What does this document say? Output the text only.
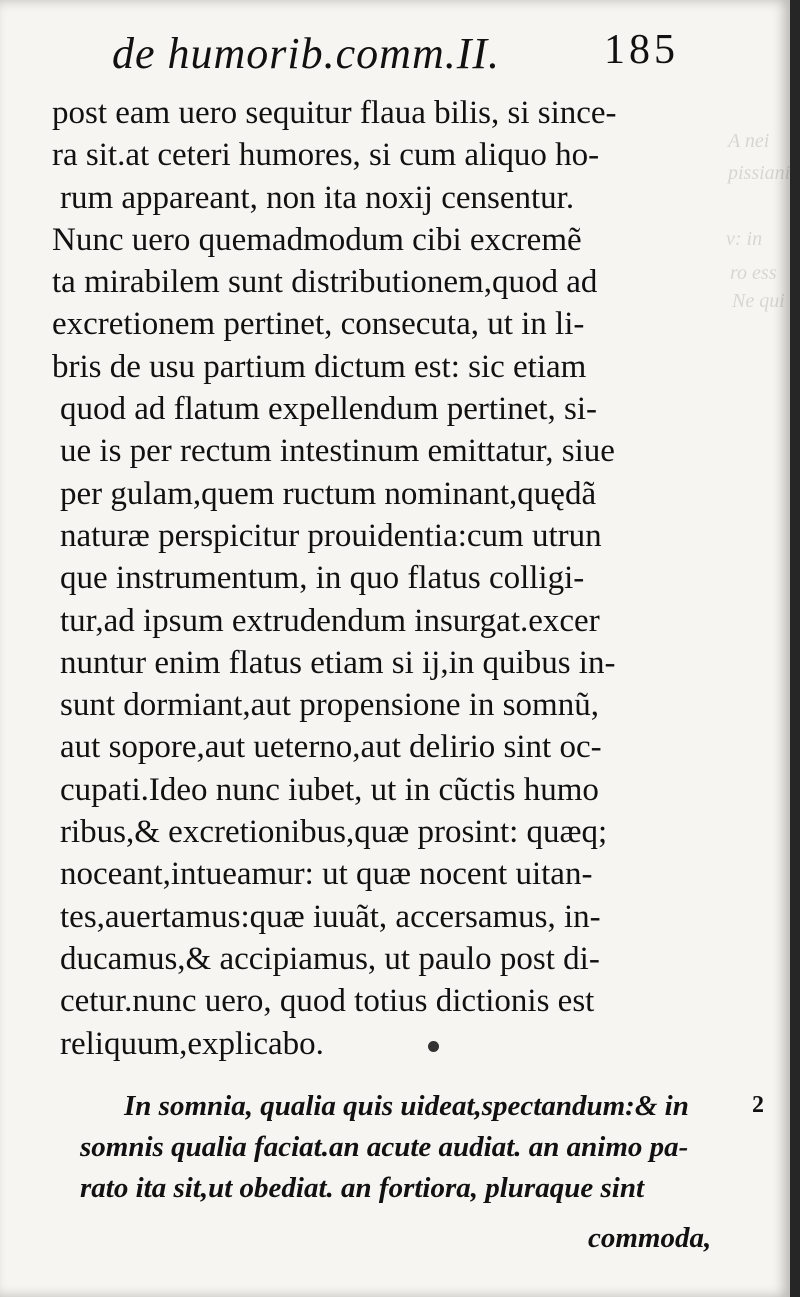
de humorib.comm.II. 185
A nei
pissiani
v: in
ro ess
Ne qui
post eam uero sequitur flaua bilis, si since-
ra sit.at ceteri humores, si cum aliquo ho-
rum appareant, non ita noxij censentur.
Nunc uero quemadmodum cibi excremẽ
ta mirabilem sunt distributionem,quod ad
excretionem pertinet, consecuta, ut in li-
bris de usu partium dictum est: sic etiam
quod ad flatum expellendum pertinet, si-
ue is per rectum intestinum emittatur, siue
per gulam,quem ructum nominant,quędã
naturæ perspicitur prouidentia:cum utrun
que instrumentum, in quo flatus colligi-
tur,ad ipsum extrudendum insurgat.excer
nuntur enim flatus etiam si ij,in quibus in-
sunt dormiant,aut propensione in somnũ,
aut sopore,aut ueterno,aut delirio sint oc-
cupati.Ideo nunc iubet, ut in cũctis humo
ribus,& excretionibus,quæ prosint: quæq;
noceant,intueamur: ut quæ nocent uitan-
tes,auertamus:quæ iuuãt, accersamus, in-
ducamus,& accipiamus, ut paulo post di-
cetur.nunc uero, quod totius dictionis est
reliquum,explicabo.
In somnia, qualia quis uideat,spectandum:& in
somnis qualia faciat.an acute audiat. an animo pa-
rato ita sit,ut obediat. an fortiora, pluraque sint
2
commoda,
